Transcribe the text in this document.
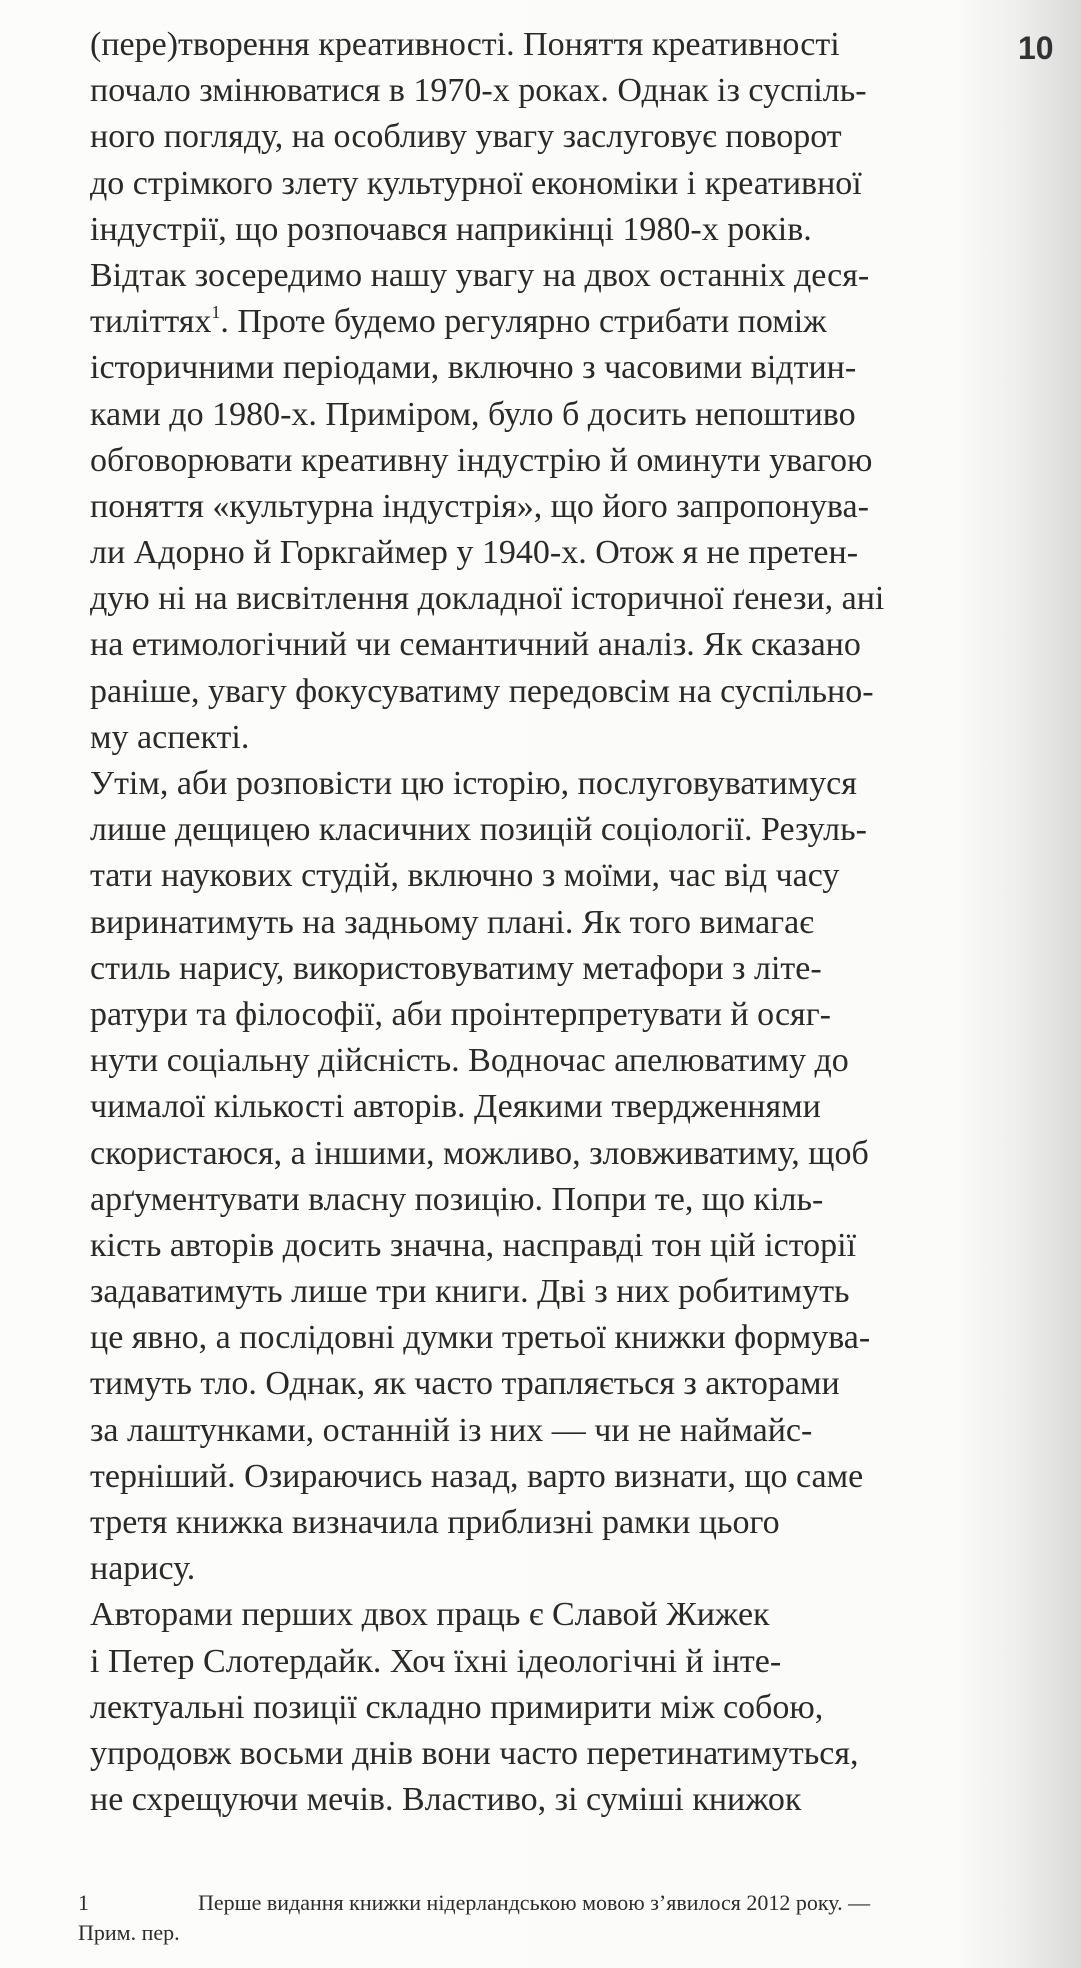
10
(пере)творення креативності. Поняття креативності
почало змінюватися в 1970-х роках. Однак із суспіль-
ного погляду, на особливу увагу заслуговує поворот
до стрімкого злету культурної економіки і креативної
індустрії, що розпочався наприкінці 1980-х років.
Відтак зосередимо нашу увагу на двох останніх деся-
тиліттях$^1$. Проте будемо регулярно стрибати поміж
історичними періодами, включно з часовими відтин-
ками до 1980-х. Приміром, було б досить непоштиво
обговорювати креативну індустрію й оминути увагою
поняття «культурна індустрія», що його запропонува-
ли Адорно й Горкгаймер у 1940-х. Отож я не претен-
дую ні на висвітлення докладної історичної ґенези, ані
на етимологічний чи семантичний аналіз. Як сказано
раніше, увагу фокусуватиму передовсім на суспільно-
му аспекті.
Утім, аби розповісти цю історію, послуговуватимуся
лише дещицею класичних позицій соціології. Резуль-
тати наукових студій, включно з моїми, час від часу
виринатимуть на задньому плані. Як того вимагає
стиль нарису, використовуватиму метафори з літе-
ратури та філософії, аби проінтерпретувати й осяг-
нути соціальну дійсність. Водночас апелюватиму до
чималої кількості авторів. Деякими твердженнями
скористаюся, а іншими, можливо, зловживатиму, щоб
арґументувати власну позицію. Попри те, що кіль-
кість авторів досить значна, насправді тон цій історії
задаватимуть лише три книги. Дві з них робитимуть
це явно, а послідовні думки третьої книжки формува-
тимуть тло. Однак, як часто трапляється з акторами
за лаштунками, останній із них — чи не наймайс-
терніший. Озираючись назад, варто визнати, що саме
третя книжка визначила приблизні рамки цього
нарису.
Авторами перших двох праць є Славой Жижек
і Петер Слотердайк. Хоч їхні ідеологічні й інте-
лектуальні позиції складно примирити між собою,
упродовж восьми днів вони часто перетинатимуться,
не схрещуючи мечів. Властиво, зі суміші книжок
1	Перше видання книжки нідерландською мовою з’явилося 2012 року. —
Прим. пер.
